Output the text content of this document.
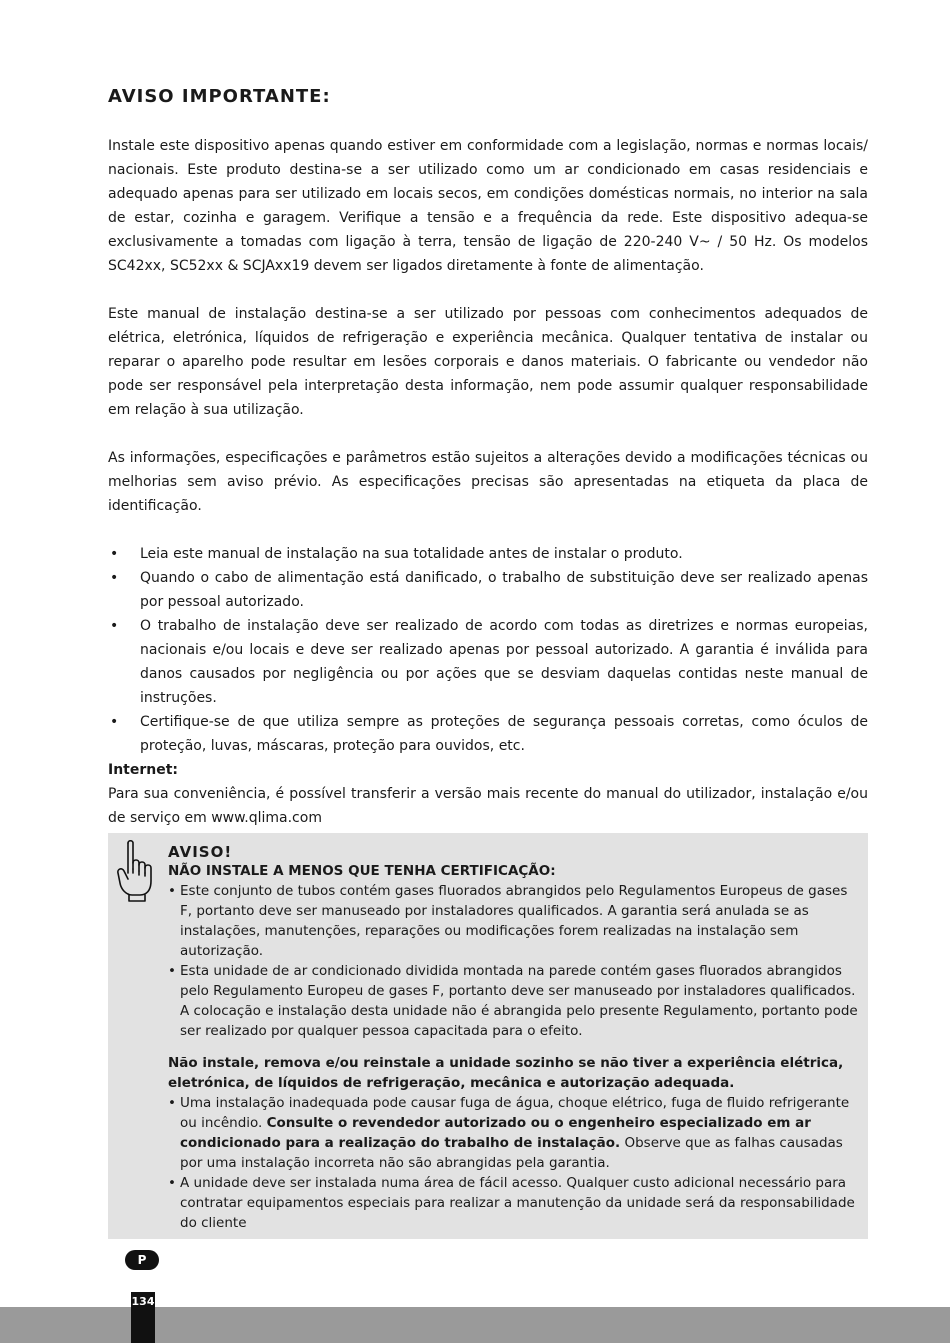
AVISO IMPORTANTE:

Instale este dispositivo apenas quando estiver em conformidade com a legislação, normas e normas locais/ nacionais. Este produto destina-se a ser utilizado como um ar condicionado em casas residenciais e adequado apenas para ser utilizado em locais secos, em condições domésticas normais, no interior na sala de estar, cozinha e garagem. Verifique a tensão e a frequência da rede. Este dispositivo adequa-se exclusivamente a tomadas com ligação à terra, tensão de ligação de 220-240 V~ / 50 Hz. Os modelos SC42xx, SC52xx & SCJAxx19 devem ser ligados diretamente à fonte de alimentação.

Este manual de instalação destina-se a ser utilizado por pessoas com conhecimentos adequados de elétrica, eletrónica, líquidos de refrigeração e experiência mecânica. Qualquer tentativa de instalar ou reparar o aparelho pode resultar em lesões corporais e danos materiais. O fabricante ou vendedor não pode ser responsável pela interpretação desta informação, nem pode assumir qualquer responsabilidade em relação à sua utilização.

As informações, especificações e parâmetros estão sujeitos a alterações devido a modificações técnicas ou melhorias sem aviso prévio. As especificações precisas são apresentadas na etiqueta da placa de identificação.

• Leia este manual de instalação na sua totalidade antes de instalar o produto.
• Quando o cabo de alimentação está danificado, o trabalho de substituição deve ser realizado apenas por pessoal autorizado.
• O trabalho de instalação deve ser realizado de acordo com todas as diretrizes e normas europeias, nacionais e/ou locais e deve ser realizado apenas por pessoal autorizado. A garantia é inválida para danos causados por negligência ou por ações que se desviam daquelas contidas neste manual de instruções.
• Certifique-se de que utiliza sempre as proteções de segurança pessoais corretas, como óculos de proteção, luvas, máscaras, proteção para ouvidos, etc.

Internet:

Para sua conveniência, é possível transferir a versão mais recente do manual do utilizador, instalação e/ou de serviço em www.qlima.com

AVISO!

NÃO INSTALE A MENOS QUE TENHA CERTIFICAÇÃO:

• Este conjunto de tubos contém gases fluorados abrangidos pelo Regulamentos Europeus de gases F, portanto deve ser manuseado por instaladores qualificados. A garantia será anulada se as instalações, manutenções, reparações ou modificações forem realizadas na instalação sem autorização.
• Esta unidade de ar condicionado dividida montada na parede contém gases fluorados abrangidos pelo Regulamento Europeu de gases F, portanto deve ser manuseado por instaladores qualificados. A colocação e instalação desta unidade não é abrangida pelo presente Regulamento, portanto pode ser realizado por qualquer pessoa capacitada para o efeito.

Não instale, remova e/ou reinstale a unidade sozinho se não tiver a experiência elétrica, eletrónica, de líquidos de refrigeração, mecânica e autorização adequada.

• Uma instalação inadequada pode causar fuga de água, choque elétrico, fuga de fluido refrigerante ou incêndio. Consulte o revendedor autorizado ou o engenheiro especializado em ar condicionado para a realização do trabalho de instalação. Observe que as falhas causadas por uma instalação incorreta não são abrangidas pela garantia.
• A unidade deve ser instalada numa área de fácil acesso. Qualquer custo adicional necessário para contratar equipamentos especiais para realizar a manutenção da unidade será da responsabilidade do cliente
P
134
